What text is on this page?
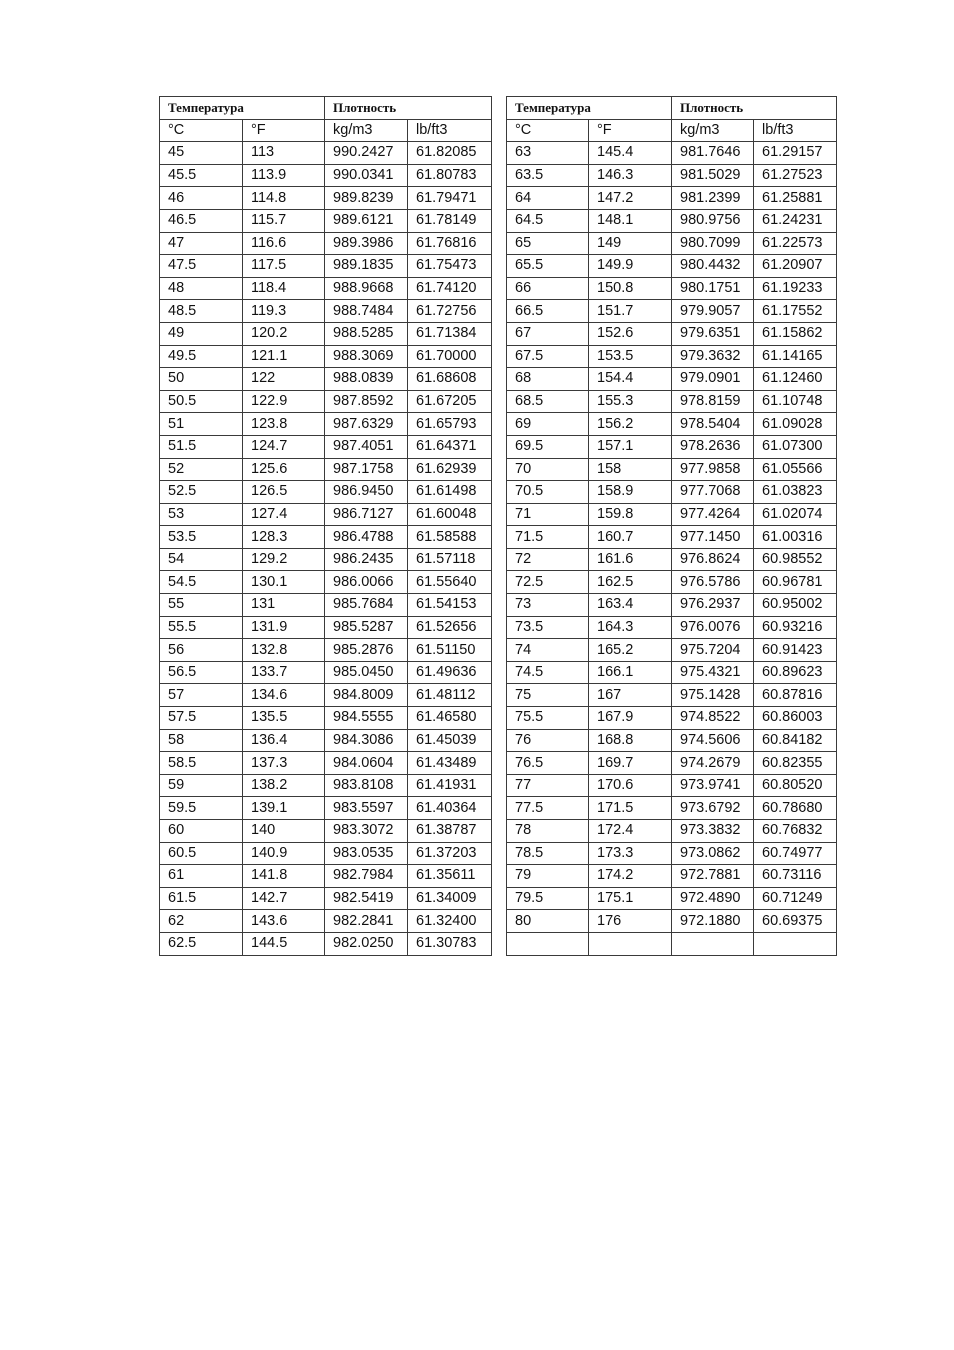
Температура		Плотность	
°C	°F	kg/m3	lb/ft3
45	113	990.2427	61.82085
45.5	113.9	990.0341	61.80783
46	114.8	989.8239	61.79471
46.5	115.7	989.6121	61.78149
47	116.6	989.3986	61.76816
47.5	117.5	989.1835	61.75473
48	118.4	988.9668	61.74120
48.5	119.3	988.7484	61.72756
49	120.2	988.5285	61.71384
49.5	121.1	988.3069	61.70000
50	122	988.0839	61.68608
50.5	122.9	987.8592	61.67205
51	123.8	987.6329	61.65793
51.5	124.7	987.4051	61.64371
52	125.6	987.1758	61.62939
52.5	126.5	986.9450	61.61498
53	127.4	986.7127	61.60048
53.5	128.3	986.4788	61.58588
54	129.2	986.2435	61.57118
54.5	130.1	986.0066	61.55640
55	131	985.7684	61.54153
55.5	131.9	985.5287	61.52656
56	132.8	985.2876	61.51150
56.5	133.7	985.0450	61.49636
57	134.6	984.8009	61.48112
57.5	135.5	984.5555	61.46580
58	136.4	984.3086	61.45039
58.5	137.3	984.0604	61.43489
59	138.2	983.8108	61.41931
59.5	139.1	983.5597	61.40364
60	140	983.3072	61.38787
60.5	140.9	983.0535	61.37203
61	141.8	982.7984	61.35611
61.5	142.7	982.5419	61.34009
62	143.6	982.2841	61.32400
62.5	144.5	982.0250	61.30783
Температура		Плотность	
°C	°F	kg/m3	lb/ft3
63	145.4	981.7646	61.29157
63.5	146.3	981.5029	61.27523
64	147.2	981.2399	61.25881
64.5	148.1	980.9756	61.24231
65	149	980.7099	61.22573
65.5	149.9	980.4432	61.20907
66	150.8	980.1751	61.19233
66.5	151.7	979.9057	61.17552
67	152.6	979.6351	61.15862
67.5	153.5	979.3632	61.14165
68	154.4	979.0901	61.12460
68.5	155.3	978.8159	61.10748
69	156.2	978.5404	61.09028
69.5	157.1	978.2636	61.07300
70	158	977.9858	61.05566
70.5	158.9	977.7068	61.03823
71	159.8	977.4264	61.02074
71.5	160.7	977.1450	61.00316
72	161.6	976.8624	60.98552
72.5	162.5	976.5786	60.96781
73	163.4	976.2937	60.95002
73.5	164.3	976.0076	60.93216
74	165.2	975.7204	60.91423
74.5	166.1	975.4321	60.89623
75	167	975.1428	60.87816
75.5	167.9	974.8522	60.86003
76	168.8	974.5606	60.84182
76.5	169.7	974.2679	60.82355
77	170.6	973.9741	60.80520
77.5	171.5	973.6792	60.78680
78	172.4	973.3832	60.76832
78.5	173.3	973.0862	60.74977
79	174.2	972.7881	60.73116
79.5	175.1	972.4890	60.71249
80	176	972.1880	60.69375
